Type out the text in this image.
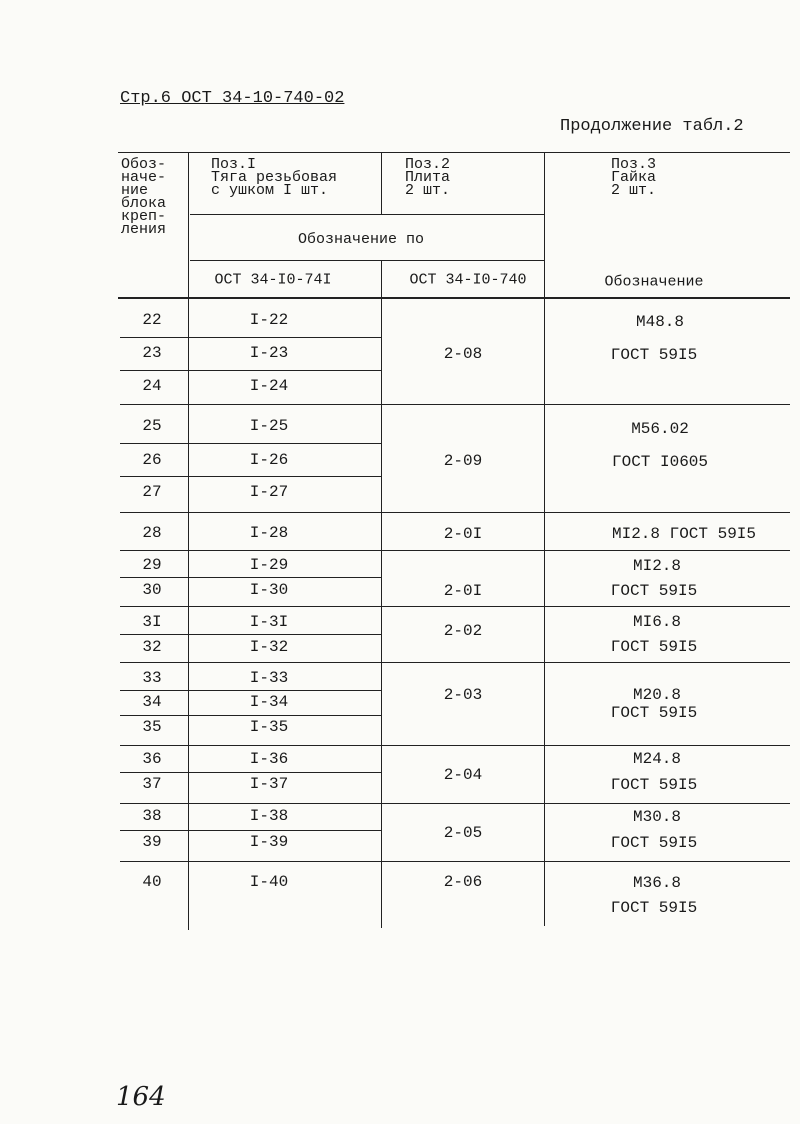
Стр.6 ОСТ 34-10-740-02
Продолжение табл.2
Обоз-
наче-
ние
блока
креп-
ления
Поз.I
Тяга резьбовая
с ушком I шт.
Поз.2
Плита
2 шт.
Поз.3
Гайка
2 шт.
Обозначение по
ОСТ 34-I0-74I	ОСТ 34-I0-740	Обозначение
22
23
24
25
26
27
28
29
30
3I
32
33
34
35
36
37
38
39
40
I-22
I-23
I-24
I-25
I-26
I-27
I-28
I-29
I-30
I-3I
I-32
I-33
I-34
I-35
I-36
I-37
I-38
I-39
I-40
2-08
2-09
2-0I
2-0I
2-02
2-03
2-04
2-05
2-06
М48.8
ГОСТ 59I5
М56.02
ГОСТ I0605
МI2.8 ГОСТ 59I5
МI2.8
ГОСТ 59I5
МI6.8
ГОСТ 59I5
М20.8
ГОСТ 59I5
М24.8
ГОСТ 59I5
М30.8
ГОСТ 59I5
М36.8
ГОСТ 59I5
164
